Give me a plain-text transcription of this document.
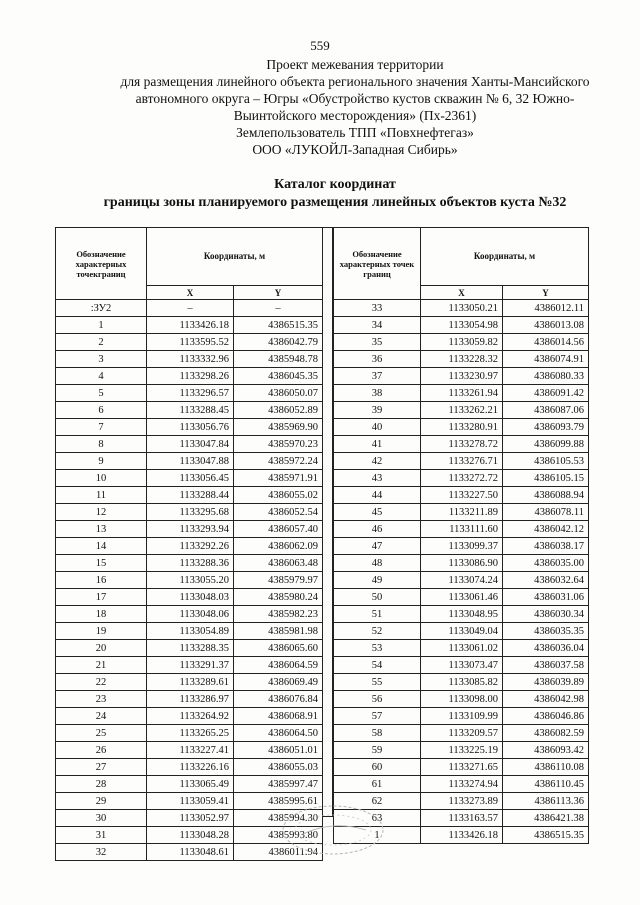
559
Проект межевания территории
для размещения линейного объекта регионального значения Ханты-Мансийского
автономного округа – Югры «Обустройство кустов скважин № 6, 32 Южно-
Выинтойского месторождения» (Пх-2361)
Землепользователь ТПП «Повхнефтегаз»
ООО «ЛУКОЙЛ-Западная Сибирь»
Каталог координат
границы зоны планируемого размещения линейных объектов куста №32
Обозначение характерных точекграниц	Координаты, м	
	X	Y
:ЗУ2	–	–
1	1133426.18	4386515.35
2	1133595.52	4386042.79
3	1133332.96	4385948.78
4	1133298.26	4386045.35
5	1133296.57	4386050.07
6	1133288.45	4386052.89
7	1133056.76	4385969.90
8	1133047.84	4385970.23
9	1133047.88	4385972.24
10	1133056.45	4385971.91
11	1133288.44	4386055.02
12	1133295.68	4386052.54
13	1133293.94	4386057.40
14	1133292.26	4386062.09
15	1133288.36	4386063.48
16	1133055.20	4385979.97
17	1133048.03	4385980.24
18	1133048.06	4385982.23
19	1133054.89	4385981.98
20	1133288.35	4386065.60
21	1133291.37	4386064.59
22	1133289.61	4386069.49
23	1133286.97	4386076.84
24	1133264.92	4386068.91
25	1133265.25	4386064.50
26	1133227.41	4386051.01
27	1133226.16	4386055.03
28	1133065.49	4385997.47
29	1133059.41	4385995.61
30	1133052.97	4385994.30
31	1133048.28	4385993.80
32	1133048.61	4386011.94
Обозначение характерных точек границ	Координаты, м	
	X	Y
33	1133050.21	4386012.11
34	1133054.98	4386013.08
35	1133059.82	4386014.56
36	1133228.32	4386074.91
37	1133230.97	4386080.33
38	1133261.94	4386091.42
39	1133262.21	4386087.06
40	1133280.91	4386093.79
41	1133278.72	4386099.88
42	1133276.71	4386105.53
43	1133272.72	4386105.15
44	1133227.50	4386088.94
45	1133211.89	4386078.11
46	1133111.60	4386042.12
47	1133099.37	4386038.17
48	1133086.90	4386035.00
49	1133074.24	4386032.64
50	1133061.46	4386031.06
51	1133048.95	4386030.34
52	1133049.04	4386035.35
53	1133061.02	4386036.04
54	1133073.47	4386037.58
55	1133085.82	4386039.89
56	1133098.00	4386042.98
57	1133109.99	4386046.86
58	1133209.57	4386082.59
59	1133225.19	4386093.42
60	1133271.65	4386110.08
61	1133274.94	4386110.45
62	1133273.89	4386113.36
63	1133163.57	4386421.38
1	1133426.18	4386515.35
